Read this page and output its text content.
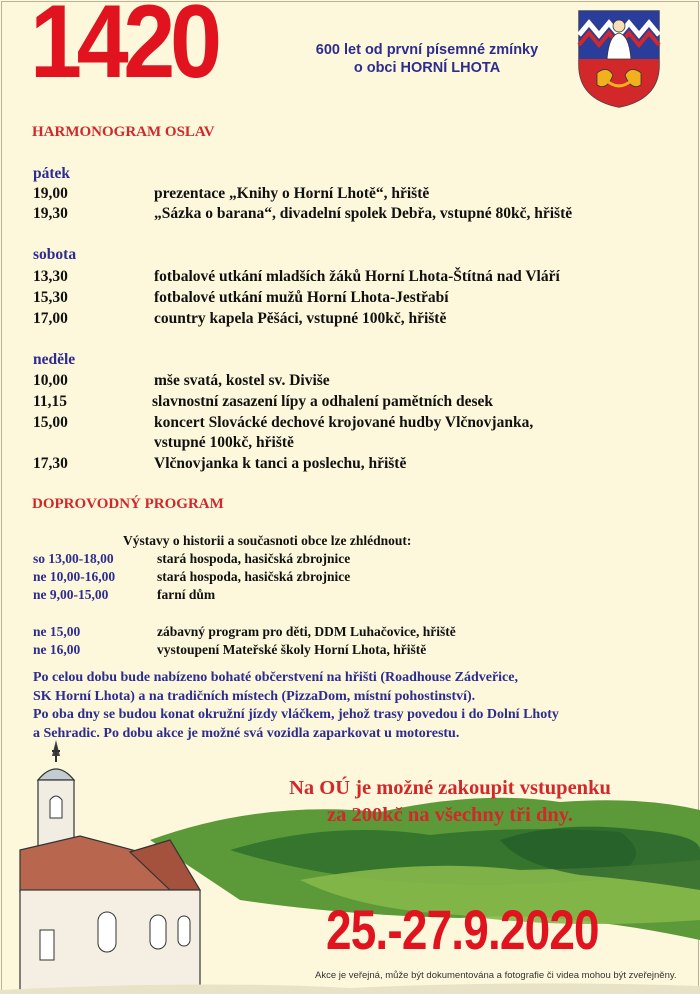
1420	600 let od první písemné zmínky
o obci HORNÍ LHOTA
HARMONOGRAM OSLAV
pátek
19,00	prezentace „Knihy o Horní Lhotě“, hřiště
19,30	„Sázka o barana“, divadelní spolek Debřa, vstupné 80kč, hřiště
sobota
13,30	fotbalové utkání mladších žáků Horní Lhota-Štítná nad Vláří
15,30	fotbalové utkání mužů Horní Lhota-Jestřabí
17,00	country kapela Pěšáci, vstupné 100kč, hřiště
neděle
10,00	mše svatá, kostel sv. Diviše
11,15	slavnostní zasazení lípy a odhalení pamětních desek
15,00	koncert Slovácké dechové krojované hudby Vlčnovjanka,
vstupné 100kč, hřiště
17,30	Vlčnovjanka k tanci a poslechu, hřiště
DOPROVODNÝ PROGRAM
Výstavy o historii a současnoti obce lze zhlédnout:
so 13,00-18,00	stará hospoda, hasičská zbrojnice
ne 10,00-16,00	stará hospoda, hasičská zbrojnice
ne 9,00-15,00	farní dům
ne 15,00	zábavný program pro děti, DDM Luhačovice, hřiště
ne 16,00	vystoupení Mateřské školy Horní Lhota, hřiště
Po celou dobu bude nabízeno bohaté občerstvení na hřišti (Roadhouse Zádveřice,
SK Horní Lhota) a na tradičních místech (PizzaDom, místní pohostinství).
Po oba dny se budou konat okružní jízdy vláčkem, jehož trasy povedou i do Dolní Lhoty
a Sehradic. Po dobu akce je možné svá vozidla zaparkovat u motorestu.
Na OÚ je možné zakoupit vstupenku
za 200kč na všechny tři dny.
25.-27.9.2020
Akce je veřejná, může být dokumentována a fotografie či videa mohou být zveřejněny.
